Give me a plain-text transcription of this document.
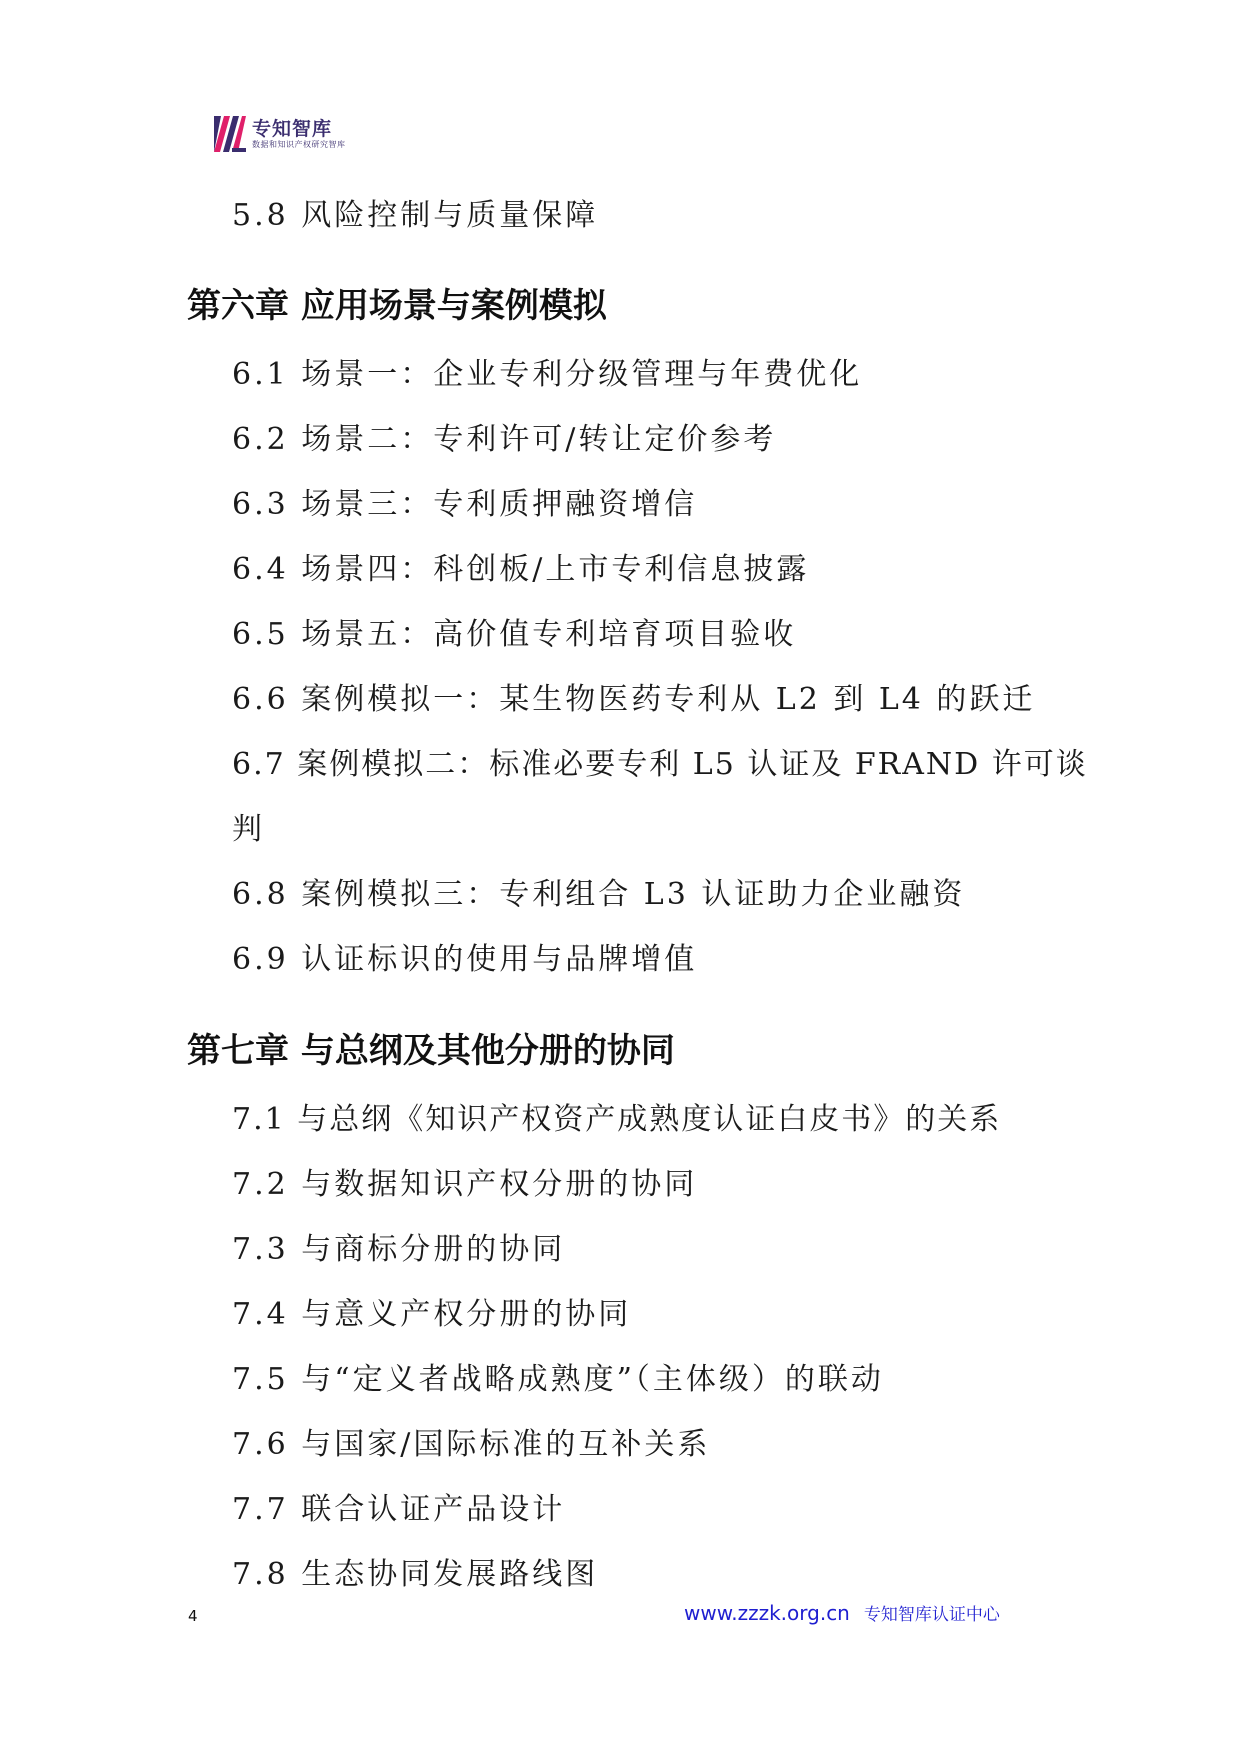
专知智库
数据和知识产权研究智库
5.8 风险控制与质量保障
第六章 应用场景与案例模拟
6.1 场景一：企业专利分级管理与年费优化
6.2 场景二：专利许可/转让定价参考
6.3 场景三：专利质押融资增信
6.4 场景四：科创板/上市专利信息披露
6.5 场景五：高价值专利培育项目验收
6.6 案例模拟一：某生物医药专利从 L2 到 L4 的跃迁
6.7 案例模拟二：标准必要专利 L5 认证及 FRAND 许可谈
判
6.8 案例模拟三：专利组合 L3 认证助力企业融资
6.9 认证标识的使用与品牌增值
第七章 与总纲及其他分册的协同
7.1 与总纲《知识产权资产成熟度认证白皮书》的关系
7.2 与数据知识产权分册的协同
7.3 与商标分册的协同
7.4 与意义产权分册的协同
7.5 与“定义者战略成熟度”（主体级）的联动
7.6 与国家/国际标准的互补关系
7.7 联合认证产品设计
7.8 生态协同发展路线图
4	www.zzzk.org.cn 专知智库认证中心
